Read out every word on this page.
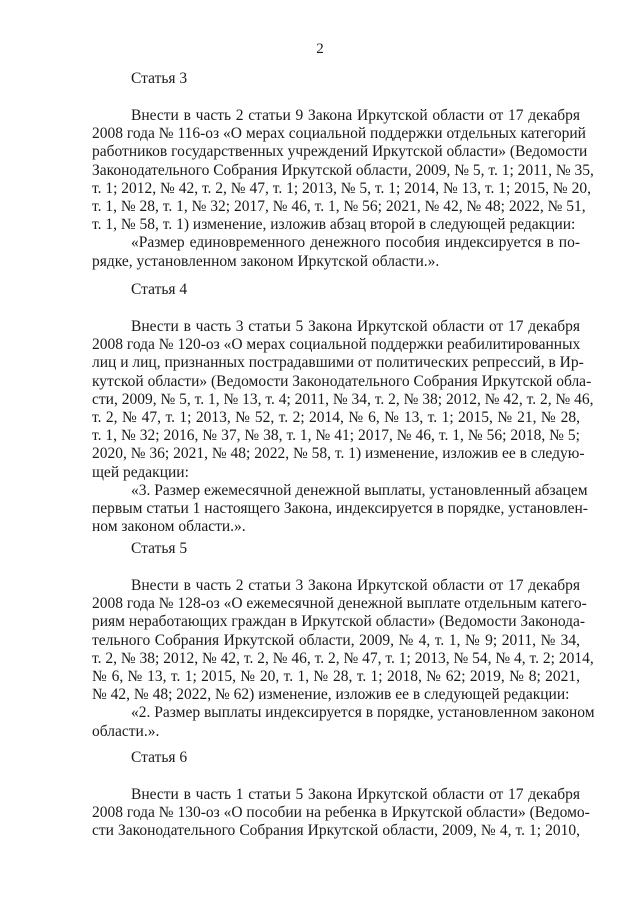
2
Статья 3
Внести в часть 2 статьи 9 Закона Иркутской области от 17 декабря
2008 года № 116-оз «О мерах социальной поддержки отдельных категорий
работников государственных учреждений Иркутской области» (Ведомости
Законодательного Собрания Иркутской области, 2009, № 5, т. 1; 2011, № 35,
т. 1; 2012, № 42, т. 2, № 47, т. 1; 2013, № 5, т. 1; 2014, № 13, т. 1; 2015, № 20,
т. 1, № 28, т. 1, № 32; 2017, № 46, т. 1, № 56; 2021, № 42, № 48; 2022, № 51,
т. 1, № 58, т. 1) изменение, изложив абзац второй в следующей редакции:
«Размер единовременного денежного пособия индексируется в по-
рядке, установленном законом Иркутской области.».
Статья 4
Внести в часть 3 статьи 5 Закона Иркутской области от 17 декабря
2008 года № 120-оз «О мерах социальной поддержки реабилитированных
лиц и лиц, признанных пострадавшими от политических репрессий, в Ир-
кутской области» (Ведомости Законодательного Собрания Иркутской обла-
сти, 2009, № 5, т. 1, № 13, т. 4; 2011, № 34, т. 2, № 38; 2012, № 42, т. 2, № 46,
т. 2, № 47, т. 1; 2013, № 52, т. 2; 2014, № 6, № 13, т. 1; 2015, № 21, № 28,
т. 1, № 32; 2016, № 37, № 38, т. 1, № 41; 2017, № 46, т. 1, № 56; 2018, № 5;
2020, № 36; 2021, № 48; 2022, № 58, т. 1) изменение, изложив ее в следую-
щей редакции:
«3. Размер ежемесячной денежной выплаты, установленный абзацем
первым статьи 1 настоящего Закона, индексируется в порядке, установлен-
ном законом области.».
Статья 5
Внести в часть 2 статьи 3 Закона Иркутской области от 17 декабря
2008 года № 128-оз «О ежемесячной денежной выплате отдельным катего-
риям неработающих граждан в Иркутской области» (Ведомости Законода-
тельного Собрания Иркутской области, 2009, № 4, т. 1, № 9; 2011, № 34,
т. 2, № 38; 2012, № 42, т. 2, № 46, т. 2, № 47, т. 1; 2013, № 54, № 4, т. 2; 2014,
№ 6, № 13, т. 1; 2015, № 20, т. 1, № 28, т. 1; 2018, № 62; 2019, № 8; 2021,
№ 42, № 48; 2022, № 62) изменение, изложив ее в следующей редакции:
«2. Размер выплаты индексируется в порядке, установленном законом
области.».
Статья 6
Внести в часть 1 статьи 5 Закона Иркутской области от 17 декабря
2008 года № 130-оз «О пособии на ребенка в Иркутской области» (Ведомо-
сти Законодательного Собрания Иркутской области, 2009, № 4, т. 1; 2010,
